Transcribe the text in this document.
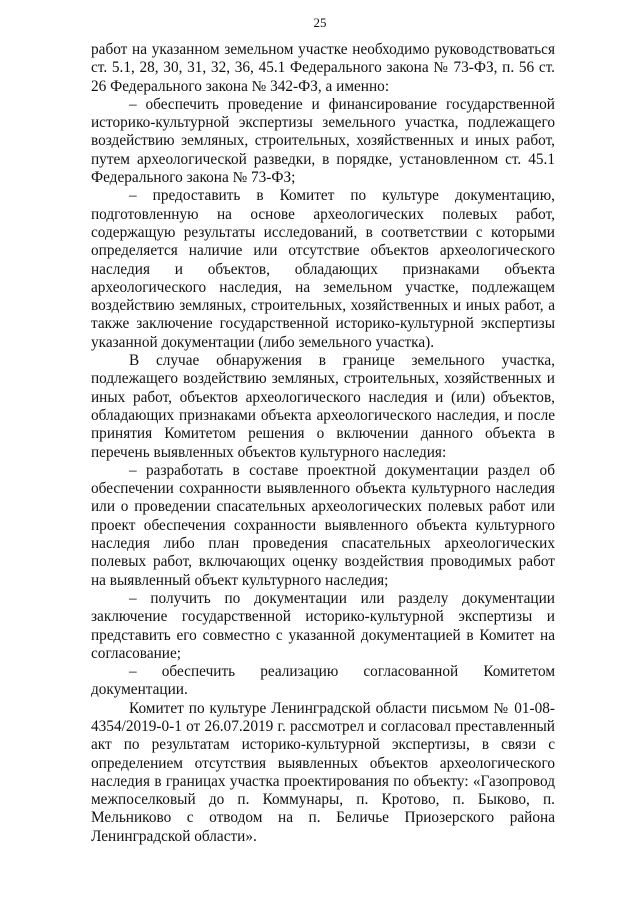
25

работ на указанном земельном участке необходимо руководствоваться ст. 5.1, 28, 30, 31, 32, 36, 45.1 Федерального закона № 73-ФЗ, п. 56 ст. 26 Федерального закона № 342-ФЗ, а именно:

– обеспечить проведение и финансирование государственной историко-культурной экспертизы земельного участка, подлежащего воздействию земляных, строительных, хозяйственных и иных работ, путем археологической разведки, в порядке, установленном ст. 45.1 Федерального закона № 73-ФЗ;

– предоставить в Комитет по культуре документацию, подготовленную на основе археологических полевых работ, содержащую результаты исследований, в соответствии с которыми определяется наличие или отсутствие объектов археологического наследия и объектов, обладающих признаками объекта археологического наследия, на земельном участке, подлежащем воздействию земляных, строительных, хозяйственных и иных работ, а также заключение государственной историко-культурной экспертизы указанной документации (либо земельного участка).

В случае обнаружения в границе земельного участка, подлежащего воздействию земляных, строительных, хозяйственных и иных работ, объектов археологического наследия и (или) объектов, обладающих признаками объекта археологического наследия, и после принятия Комитетом решения о включении данного объекта в перечень выявленных объектов культурного наследия:

– разработать в составе проектной документации раздел об обеспечении сохранности выявленного объекта культурного наследия или о проведении спасательных археологических полевых работ или проект обеспечения сохранности выявленного объекта культурного наследия либо план проведения спасательных археологических полевых работ, включающих оценку воздействия проводимых работ на выявленный объект культурного наследия;

– получить по документации или разделу документации заключение государственной историко-культурной экспертизы и представить его совместно с указанной документацией в Комитет на согласование;

– обеспечить реализацию согласованной Комитетом документации.

Комитет по культуре Ленинградской области письмом № 01-08-4354/2019-0-1 от 26.07.2019 г. рассмотрел и согласовал преставленный акт по результатам историко-культурной экспертизы, в связи с определением отсутствия выявленных объектов археологического наследия в границах участка проектирования по объекту: «Газопровод межпоселковый до п. Коммунары, п. Кротово, п. Быково, п. Мельниково с отводом на п. Беличье Приозерского района Ленинградской области».
